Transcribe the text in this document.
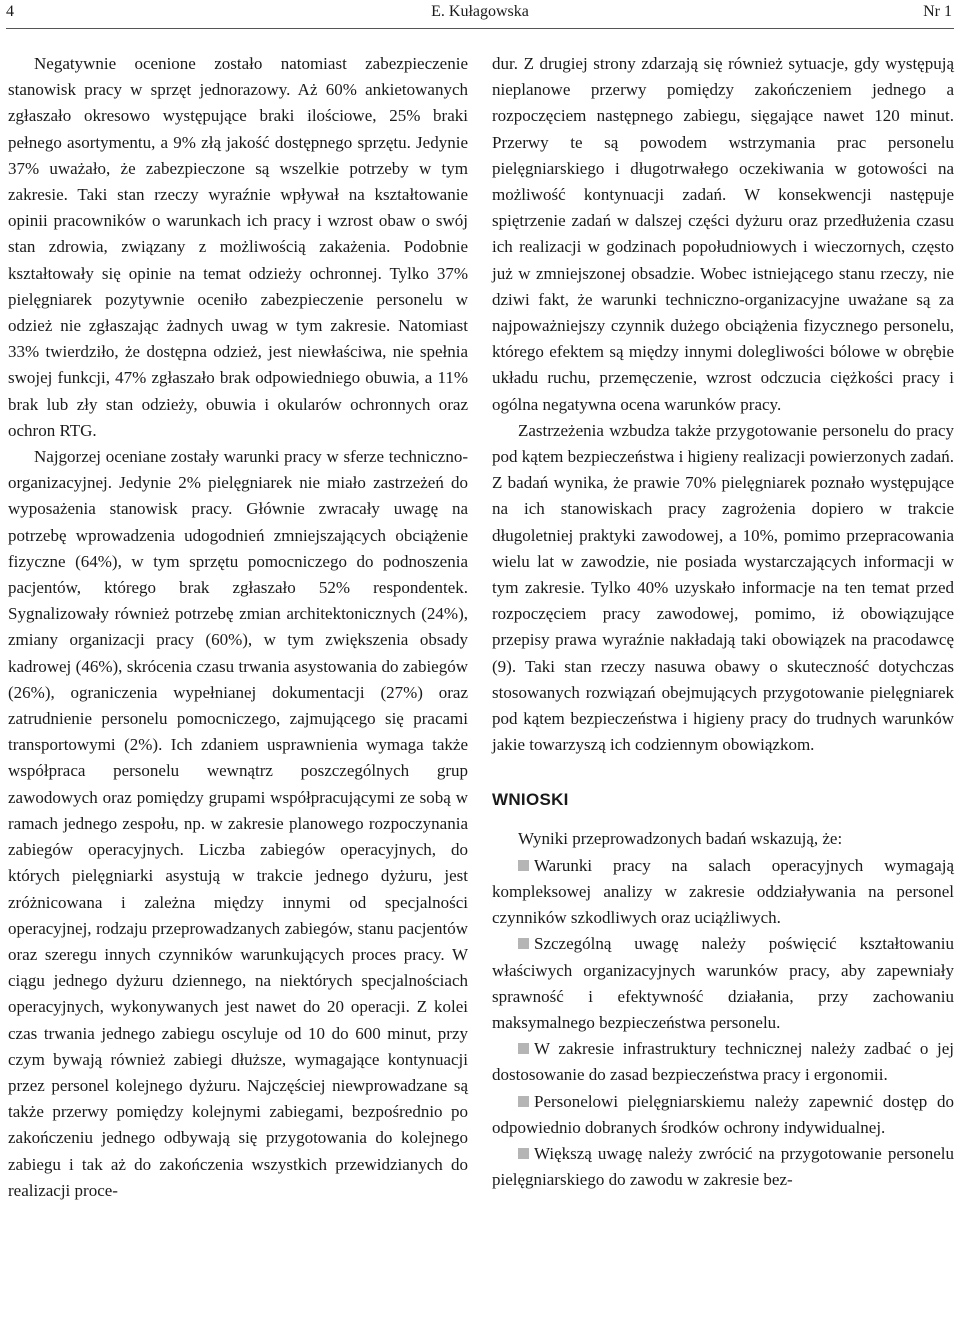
4	E. Kułagowska	Nr 1

Negatywnie ocenione zostało natomiast zabezpieczenie stanowisk pracy w sprzęt jednorazowy. Aż 60% ankietowanych zgłaszało okresowo występujące braki ilościowe, 25% braki pełnego asortymentu, a 9% złą jakość dostępnego sprzętu. Jedynie 37% uważało, że zabezpieczone są wszelkie potrzeby w tym zakresie. Taki stan rzeczy wyraźnie wpływał na kształtowanie opinii pracowników o warunkach ich pracy i wzrost obaw o swój stan zdrowia, związany z możliwością zakażenia. Podobnie kształtowały się opinie na temat odzieży ochronnej. Tylko 37% pielęgniarek pozytywnie oceniło zabezpieczenie personelu w odzież nie zgłaszając żadnych uwag w tym zakresie. Natomiast 33% twierdziło, że dostępna odzież, jest niewłaściwa, nie spełnia swojej funkcji, 47% zgłaszało brak odpowiedniego obuwia, a 11% brak lub zły stan odzieży, obuwia i okularów ochronnych oraz ochron RTG.

Najgorzej oceniane zostały warunki pracy w sferze techniczno-organizacyjnej. Jedynie 2% pielęgniarek nie miało zastrzeżeń do wyposażenia stanowisk pracy. Głównie zwracały uwagę na potrzebę wprowadzenia udogodnień zmniejszających obciążenie fizyczne (64%), w tym sprzętu pomocniczego do podnoszenia pacjentów, którego brak zgłaszało 52% respondentek. Sygnalizowały również potrzebę zmian architektonicznych (24%), zmiany organizacji pracy (60%), w tym zwiększenia obsady kadrowej (46%), skrócenia czasu trwania asystowania do zabiegów (26%), ograniczenia wypełnianej dokumentacji (27%) oraz zatrudnienie personelu pomocniczego, zajmującego się pracami transportowymi (2%). Ich zdaniem usprawnienia wymaga także współpraca personelu wewnątrz poszczególnych grup zawodowych oraz pomiędzy grupami współpracującymi ze sobą w ramach jednego zespołu, np. w zakresie planowego rozpoczynania zabiegów operacyjnych. Liczba zabiegów operacyjnych, do których pielęgniarki asystują w trakcie jednego dyżuru, jest zróżnicowana i zależna między innymi od specjalności operacyjnej, rodzaju przeprowadzanych zabiegów, stanu pacjentów oraz szeregu innych czynników warunkujących proces pracy. W ciągu jednego dyżuru dziennego, na niektórych specjalnościach operacyjnych, wykonywanych jest nawet do 20 operacji. Z kolei czas trwania jednego zabiegu oscyluje od 10 do 600 minut, przy czym bywają również zabiegi dłuższe, wymagające kontynuacji przez personel kolejnego dyżuru. Najczęściej niewprowadzane są także przerwy pomiędzy kolejnymi zabiegami, bezpośrednio po zakończeniu jednego odbywają się przygotowania do kolejnego zabiegu i tak aż do zakończenia wszystkich przewidzianych do realizacji proce-

dur. Z drugiej strony zdarzają się również sytuacje, gdy występują nieplanowe przerwy pomiędzy zakończeniem jednego a rozpoczęciem następnego zabiegu, sięgające nawet 120 minut. Przerwy te są powodem wstrzymania prac personelu pielęgniarskiego i długotrwałego oczekiwania w gotowości na możliwość kontynuacji zadań. W konsekwencji następuje spiętrzenie zadań w dalszej części dyżuru oraz przedłużenia czasu ich realizacji w godzinach popołudniowych i wieczornych, często już w zmniejszonej obsadzie. Wobec istniejącego stanu rzeczy, nie dziwi fakt, że warunki techniczno-organizacyjne uważane są za najpoważniejszy czynnik dużego obciążenia fizycznego personelu, którego efektem są między innymi dolegliwości bólowe w obrębie układu ruchu, przemęczenie, wzrost odczucia ciężkości pracy i ogólna negatywna ocena warunków pracy.

Zastrzeżenia wzbudza także przygotowanie personelu do pracy pod kątem bezpieczeństwa i higieny realizacji powierzonych zadań. Z badań wynika, że prawie 70% pielęgniarek poznało występujące na ich stanowiskach pracy zagrożenia dopiero w trakcie długoletniej praktyki zawodowej, a 10%, pomimo przepracowania wielu lat w zawodzie, nie posiada wystarczających informacji w tym zakresie. Tylko 40% uzyskało informacje na ten temat przed rozpoczęciem pracy zawodowej, pomimo, iż obowiązujące przepisy prawa wyraźnie nakładają taki obowiązek na pracodawcę (9). Taki stan rzeczy nasuwa obawy o skuteczność dotychczas stosowanych rozwiązań obejmujących przygotowanie pielęgniarek pod kątem bezpieczeństwa i higieny pracy do trudnych warunków jakie towarzyszą ich codziennym obowiązkom.

WNIOSKI

Wyniki przeprowadzonych badań wskazują, że:

Warunki pracy na salach operacyjnych wymagają kompleksowej analizy w zakresie oddziaływania na personel czynników szkodliwych oraz uciążliwych.

Szczególną uwagę należy poświęcić kształtowaniu właściwych organizacyjnych warunków pracy, aby zapewniały sprawność i efektywność działania, przy zachowaniu maksymalnego bezpieczeństwa personelu.

W zakresie infrastruktury technicznej należy zadbać o jej dostosowanie do zasad bezpieczeństwa pracy i ergonomii.

Personelowi pielęgniarskiemu należy zapewnić dostęp do odpowiednio dobranych środków ochrony indywidualnej.

Większą uwagę należy zwrócić na przygotowanie personelu pielęgniarskiego do zawodu w zakresie bez-
